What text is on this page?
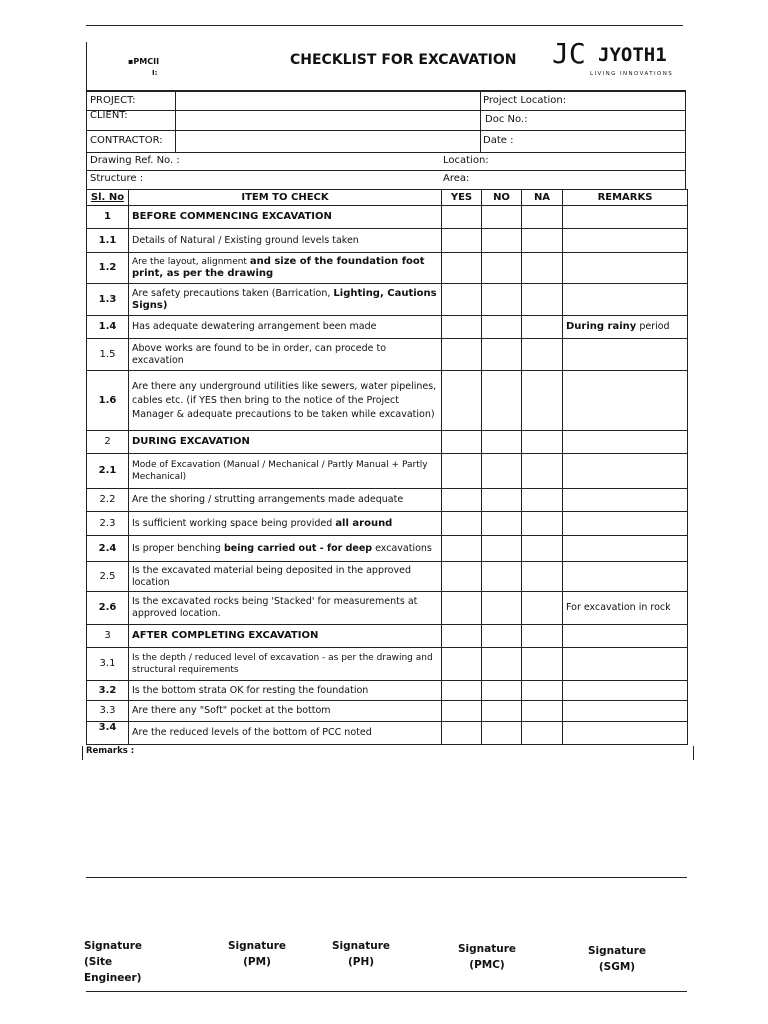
▪PMCII
I:
CHECKLIST FOR EXCAVATION JC JYOTH1
LIVING INNOVATIONS
PROJECT:	Project Location:
CLIENT:	Doc No.:
CONTRACTOR:	Date :
Drawing Ref. No. :	Location:
Structure :	Area:
Sl. No	ITEM TO CHECK	YES	NO	NA	REMARKS
1	BEFORE COMMENCING EXCAVATION				
1.1	Details of Natural / Existing ground levels taken				
1.2	Are the layout, alignment and size of the foundation foot print, as per the drawing				
1.3	Are safety precautions taken (Barrication, Lighting, Cautions Signs)				
1.4	Has adequate dewatering arrangement been made				During rainy period
1.5	Above works are found to be in order, can procede to excavation				
1.6	Are there any underground utilities like sewers, water pipelines, cables etc. (if YES then bring to the notice of the Project Manager & adequate precautions to be taken while excavation)				
2	DURING EXCAVATION				
2.1	Mode of Excavation (Manual / Mechanical / Partly Manual + Partly Mechanical)				
2.2	Are the shoring / strutting arrangements made adequate				
2.3	Is sufficient working space being provided all around				
2.4	Is proper benching being carried out - for deep excavations				
2.5	Is the excavated material being deposited in the approved location				
2.6	Is the excavated rocks being 'Stacked' for measurements at approved location.				For excavation in rock
3	AFTER COMPLETING EXCAVATION				
3.1	Is the depth / reduced level of excavation - as per the drawing and structural requirements				
3.2	Is the bottom strata OK for resting the foundation				
3.3	Are there any "Soft" pocket at the bottom				
3.4	Are the reduced levels of the bottom of PCC noted				
Remarks :
Signature
(Site Engineer)
Signature
(PM)
Signature
(PH)
Signature
(PMC)
Signature
(SGM)
